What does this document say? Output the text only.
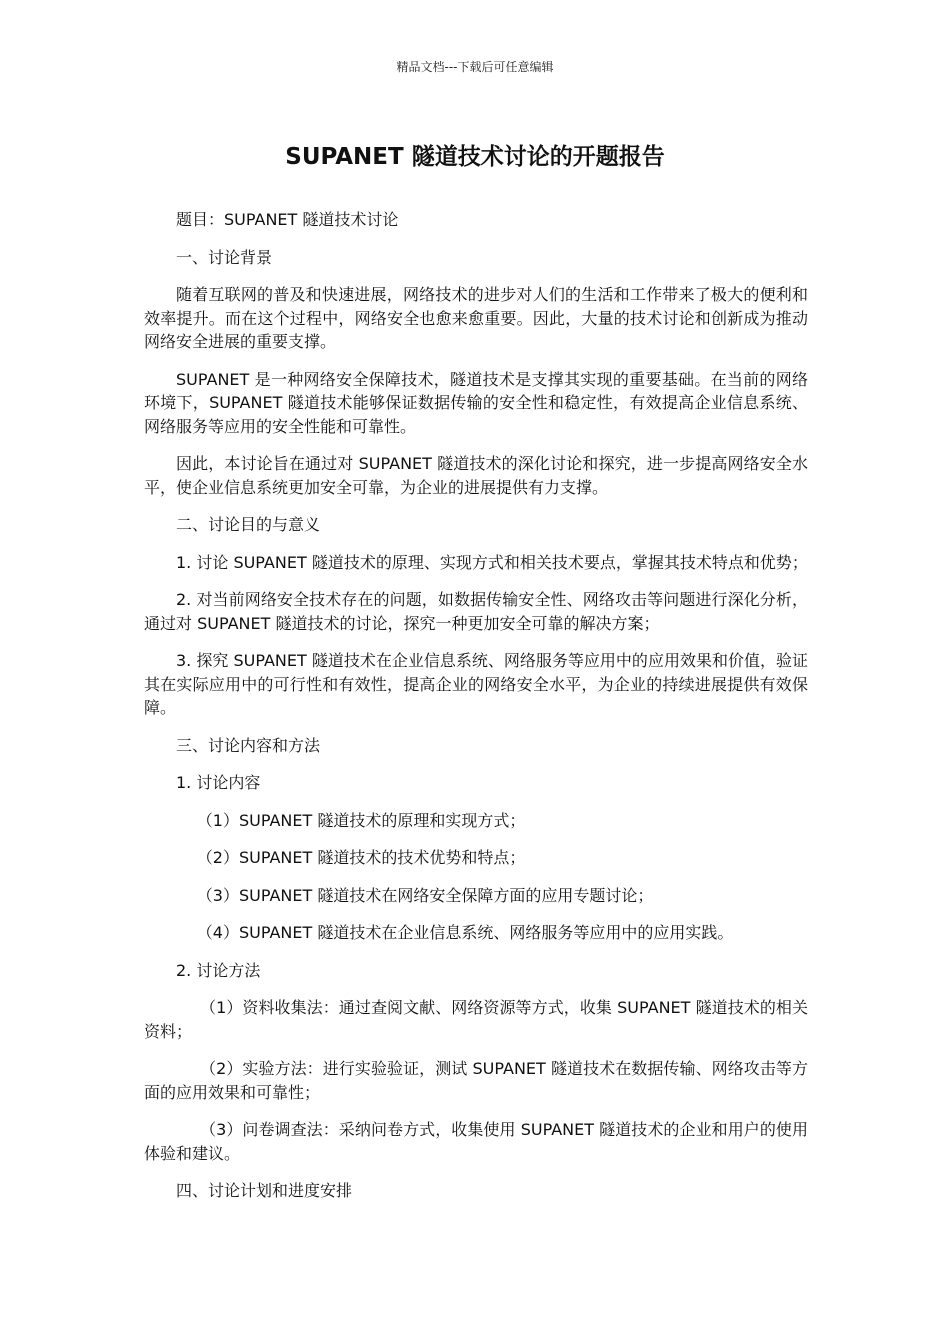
精品文档---下载后可任意编辑
SUPANET 隧道技术讨论的开题报告

题目：SUPANET 隧道技术讨论

一、讨论背景

随着互联网的普及和快速进展，网络技术的进步对人们的生活和工作带来了极大的便利和效率提升。而在这个过程中，网络安全也愈来愈重要。因此，大量的技术讨论和创新成为推动网络安全进展的重要支撑。

SUPANET 是一种网络安全保障技术，隧道技术是支撑其实现的重要基础。在当前的网络环境下，SUPANET 隧道技术能够保证数据传输的安全性和稳定性，有效提高企业信息系统、网络服务等应用的安全性能和可靠性。

因此，本讨论旨在通过对 SUPANET 隧道技术的深化讨论和探究，进一步提高网络安全水平，使企业信息系统更加安全可靠，为企业的进展提供有力支撑。

二、讨论目的与意义

1. 讨论 SUPANET 隧道技术的原理、实现方式和相关技术要点，掌握其技术特点和优势；

2. 对当前网络安全技术存在的问题，如数据传输安全性、网络攻击等问题进行深化分析，通过对 SUPANET 隧道技术的讨论，探究一种更加安全可靠的解决方案；

3. 探究 SUPANET 隧道技术在企业信息系统、网络服务等应用中的应用效果和价值，验证其在实际应用中的可行性和有效性，提高企业的网络安全水平，为企业的持续进展提供有效保障。

三、讨论内容和方法

1. 讨论内容

（1）SUPANET 隧道技术的原理和实现方式；

（2）SUPANET 隧道技术的技术优势和特点；

（3）SUPANET 隧道技术在网络安全保障方面的应用专题讨论；

（4）SUPANET 隧道技术在企业信息系统、网络服务等应用中的应用实践。

2. 讨论方法

（1）资料收集法：通过查阅文献、网络资源等方式，收集 SUPANET 隧道技术的相关资料；

（2）实验方法：进行实验验证，测试 SUPANET 隧道技术在数据传输、网络攻击等方面的应用效果和可靠性；

（3）问卷调查法：采纳问卷方式，收集使用 SUPANET 隧道技术的企业和用户的使用体验和建议。

四、讨论计划和进度安排
